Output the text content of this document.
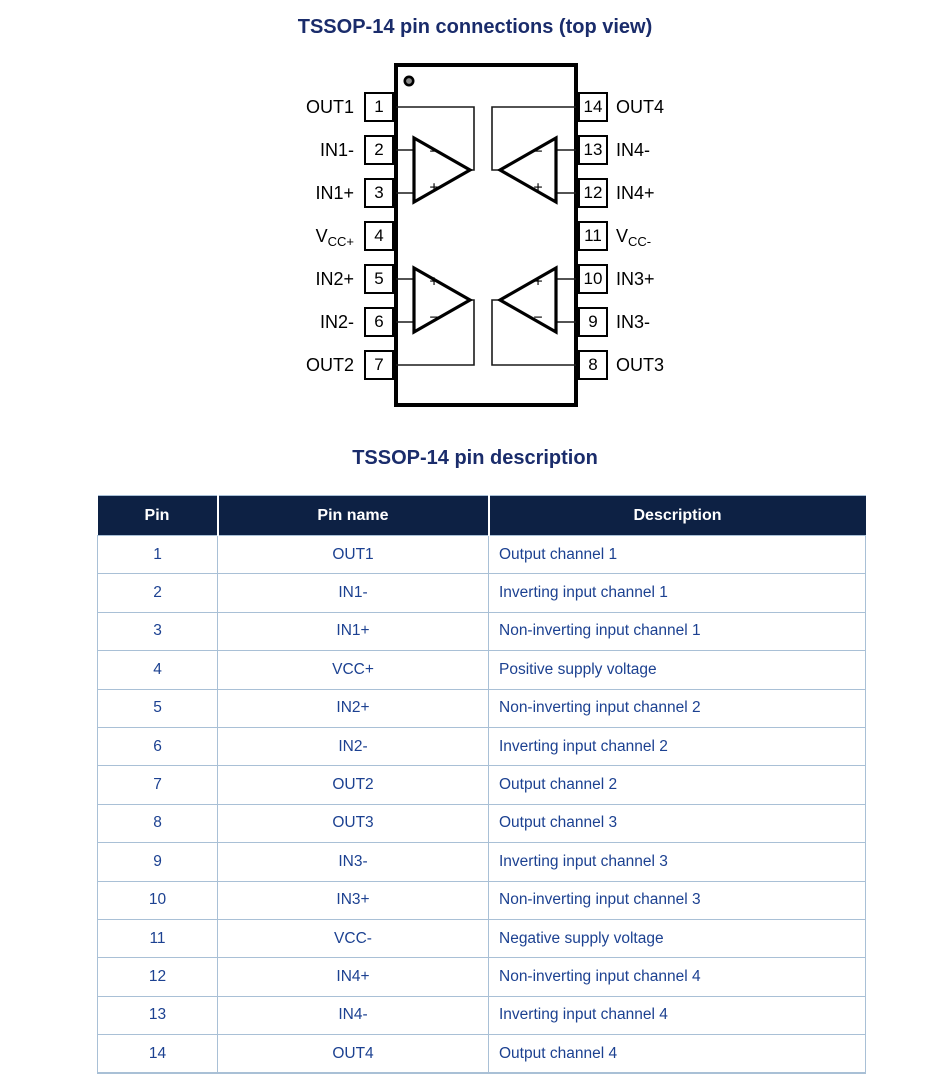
TSSOP-14 pin connections (top view)
−
+
−
+
+
−
+
−
1
OUT1
2
IN1-
3
IN1+
4
$V_{CC+}$
5
IN2+
6
IN2-
7
OUT2
14 OUT4
13 IN4-
12 IN4+
11 $V_{CC-}$
10 IN3+
9	IN3-
8	OUT3
TSSOP-14 pin description
Pin	Pin name	Description
1	OUT1	Output channel 1
2	IN1-	Inverting input channel 1
3	IN1+	Non-inverting input channel 1
4	VCC+	Positive supply voltage
5	IN2+	Non-inverting input channel 2
6	IN2-	Inverting input channel 2
7	OUT2	Output channel 2
8	OUT3	Output channel 3
9	IN3-	Inverting input channel 3
10	IN3+	Non-inverting input channel 3
11	VCC-	Negative supply voltage
12	IN4+	Non-inverting input channel 4
13	IN4-	Inverting input channel 4
14	OUT4	Output channel 4
